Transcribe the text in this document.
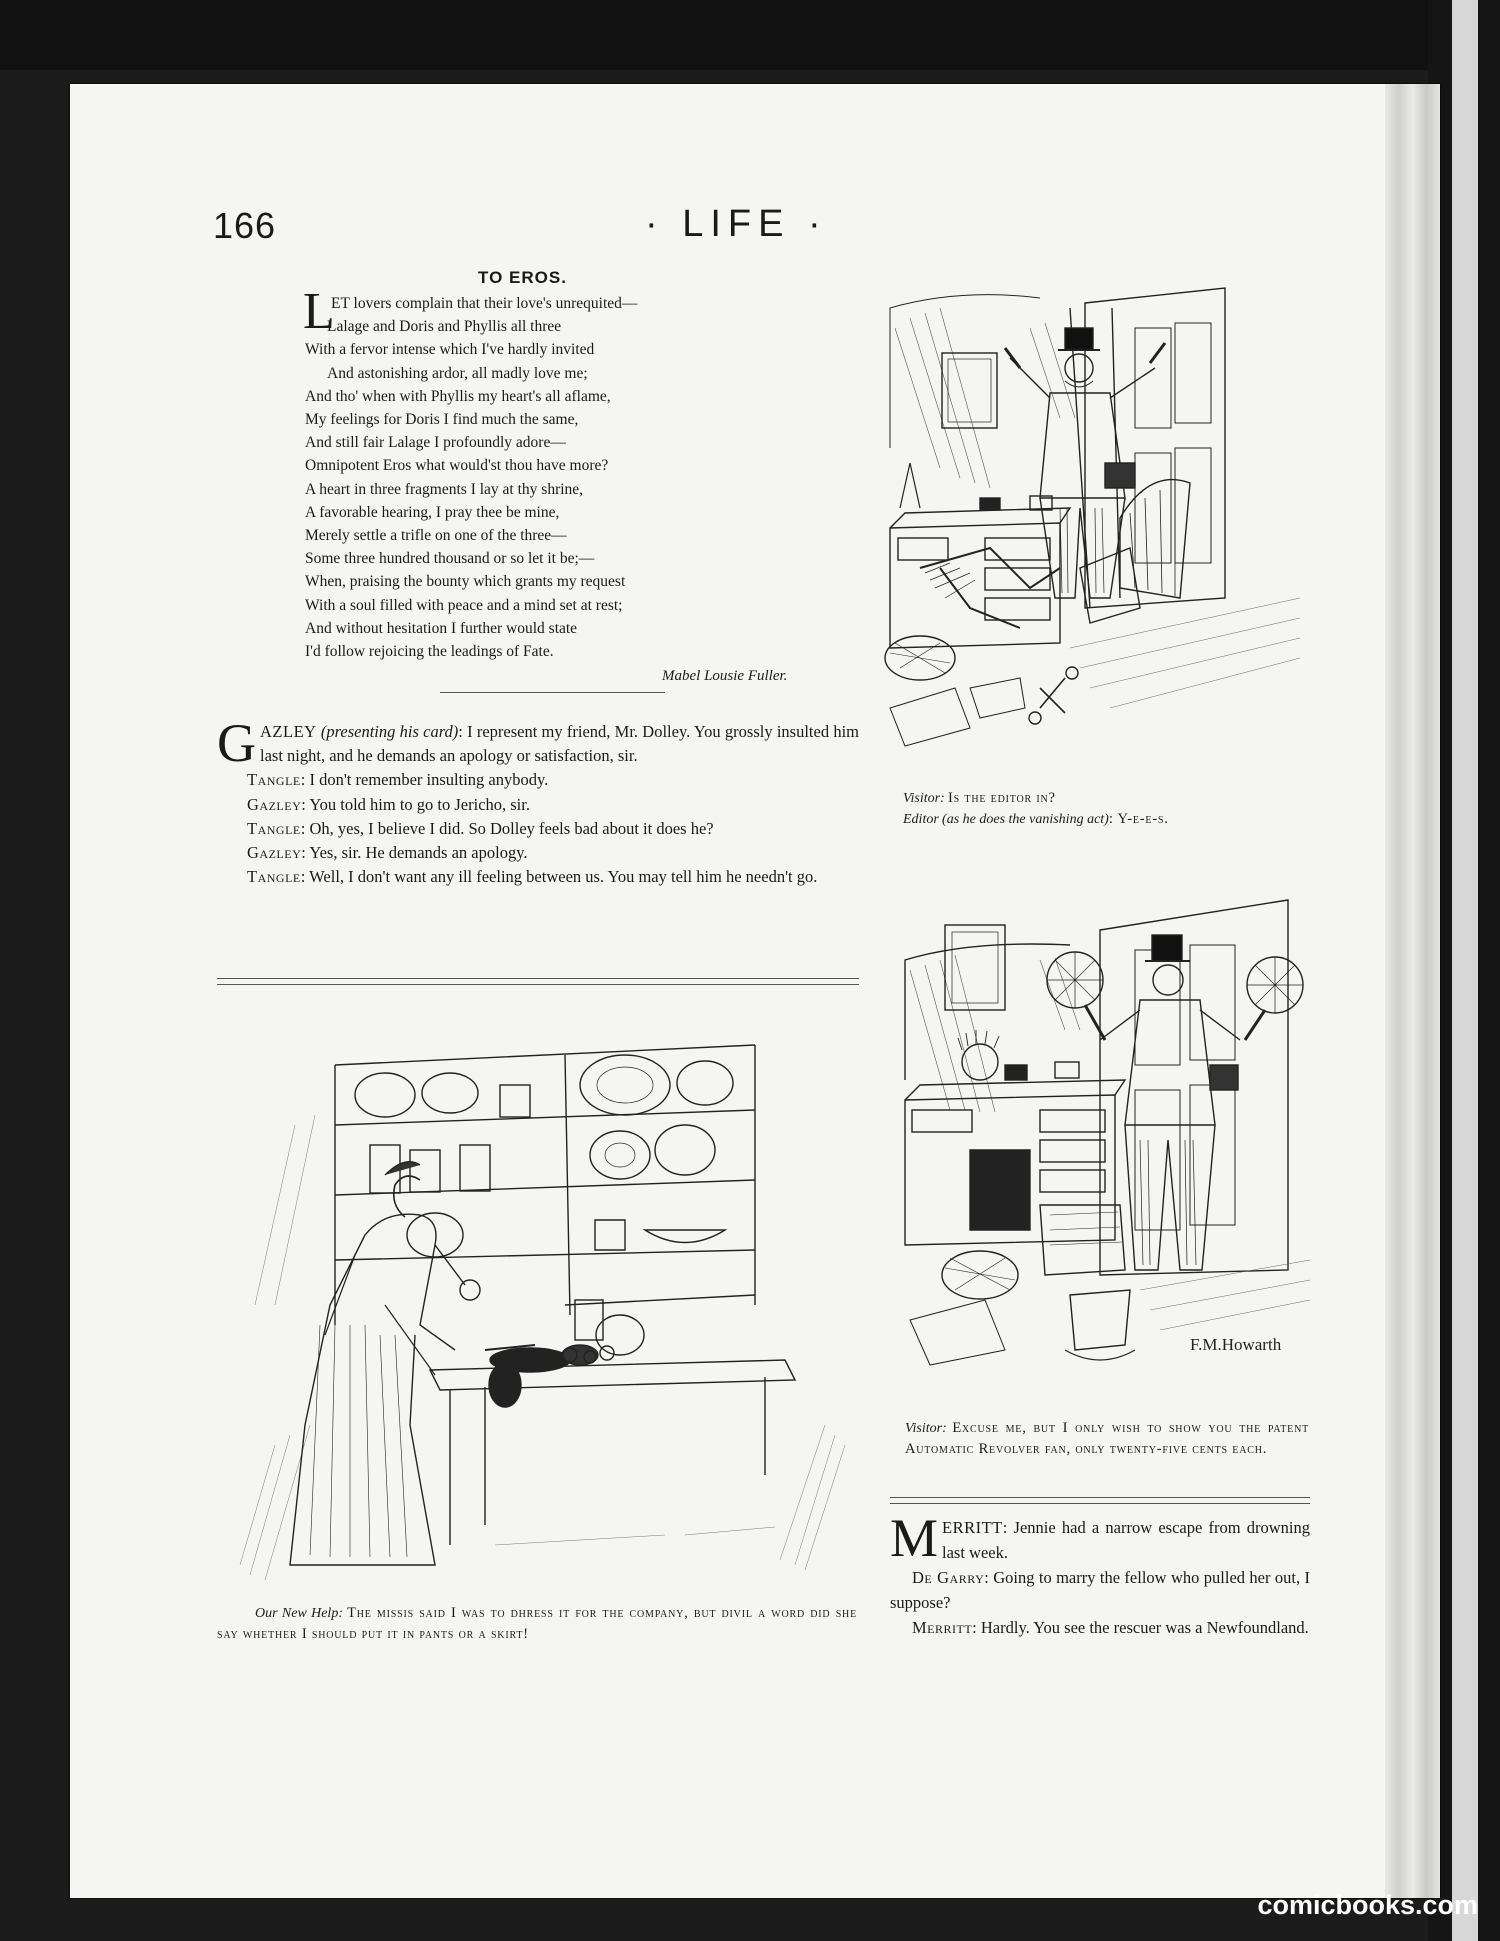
166	· LIFE ·
TO EROS.
L
ET lovers complain that their love's unrequited—
Lalage and Doris and Phyllis all three
With a fervor intense which I've hardly invited
And astonishing ardor, all madly love me;
And tho' when with Phyllis my heart's all aflame,
My feelings for Doris I find much the same,
And still fair Lalage I profoundly adore—
Omnipotent Eros what would'st thou have more?
A heart in three fragments I lay at thy shrine,
A favorable hearing, I pray thee be mine,
Merely settle a trifle on one of the three—
Some three hundred thousand or so let it be;—
When, praising the bounty which grants my request
With a soul filled with peace and a mind set at rest;
And without hesitation I further would state
I'd follow rejoicing the leadings of Fate.
Mabel Lousie Fuller.

GAZLEY (presenting his card): I represent my friend, Mr. Dolley. You grossly insulted him last night, and he demands an apology or satisfaction, sir.

Tangle: I don't remember insulting anybody.

Gazley: You told him to go to Jericho, sir.

Tangle: Oh, yes, I believe I did. So Dolley feels bad about it does he?

Gazley: Yes, sir. He demands an apology.

Tangle: Well, I don't want any ill feeling between us. You may tell him he needn't go.

Visitor: Is the editor in?
Editor (as he does the vanishing act): Y-e-e-s.
F.M.Howarth
Visitor: Excuse me, but I only wish to show you the patent Automatic Revolver fan, only twenty-five cents each.

MERRITT: Jennie had a narrow escape from drowning last week.

De Garry: Going to marry the fellow who pulled her out, I suppose?

Merritt: Hardly. You see the rescuer was a Newfoundland.

Our New Help: The missis said I was to dhress it for the company, but divil a word did she say whether I should put it in pants or a skirt!
comicbooks.com
